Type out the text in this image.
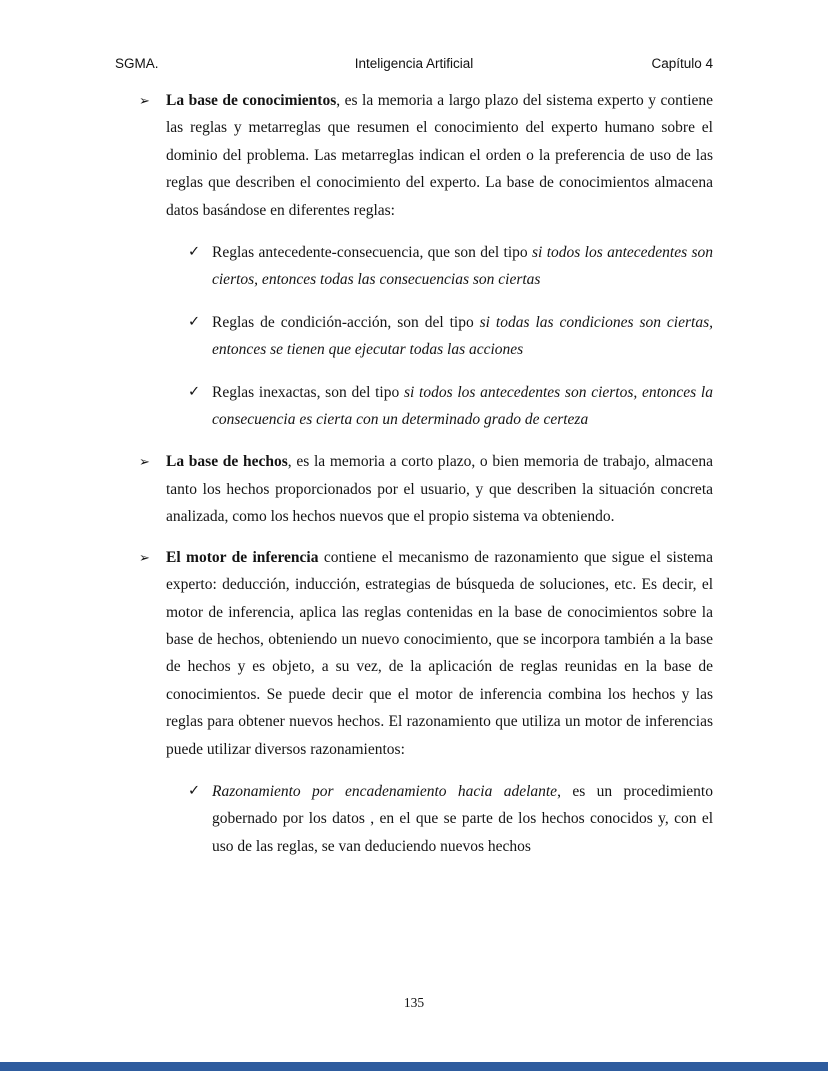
SGMA.	Inteligencia Artificial	Capítulo 4
➢ La base de conocimientos, es la memoria a largo plazo del sistema experto y contiene las reglas y metarreglas que resumen el conocimiento del experto humano sobre el dominio del problema. Las metarreglas indican el orden o la preferencia de uso de las reglas que describen el conocimiento del experto. La base de conocimientos almacena datos basándose en diferentes reglas:

✓ Reglas antecedente-consecuencia, que son del tipo si todos los antecedentes son ciertos, entonces todas las consecuencias son ciertas

✓ Reglas de condición-acción, son del tipo si todas las condiciones son ciertas, entonces se tienen que ejecutar todas las acciones

✓ Reglas inexactas, son del tipo si todos los antecedentes son ciertos, entonces la consecuencia es cierta con un determinado grado de certeza

➢ La base de hechos, es la memoria a corto plazo, o bien memoria de trabajo, almacena tanto los hechos proporcionados por el usuario, y que describen la situación concreta analizada, como los hechos nuevos que el propio sistema va obteniendo.

➢ El motor de inferencia contiene el mecanismo de razonamiento que sigue el sistema experto: deducción, inducción, estrategias de búsqueda de soluciones, etc. Es decir, el motor de inferencia, aplica las reglas contenidas en la base de conocimientos sobre la base de hechos, obteniendo un nuevo conocimiento, que se incorpora también a la base de hechos y es objeto, a su vez, de la aplicación de reglas reunidas en la base de conocimientos. Se puede decir que el motor de inferencia combina los hechos y las reglas para obtener nuevos hechos. El razonamiento que utiliza un motor de inferencias puede utilizar diversos razonamientos:

✓ Razonamiento por encadenamiento hacia adelante, es un procedimiento gobernado por los datos , en el que se parte de los hechos conocidos y, con el uso de las reglas, se van deduciendo nuevos hechos

135
